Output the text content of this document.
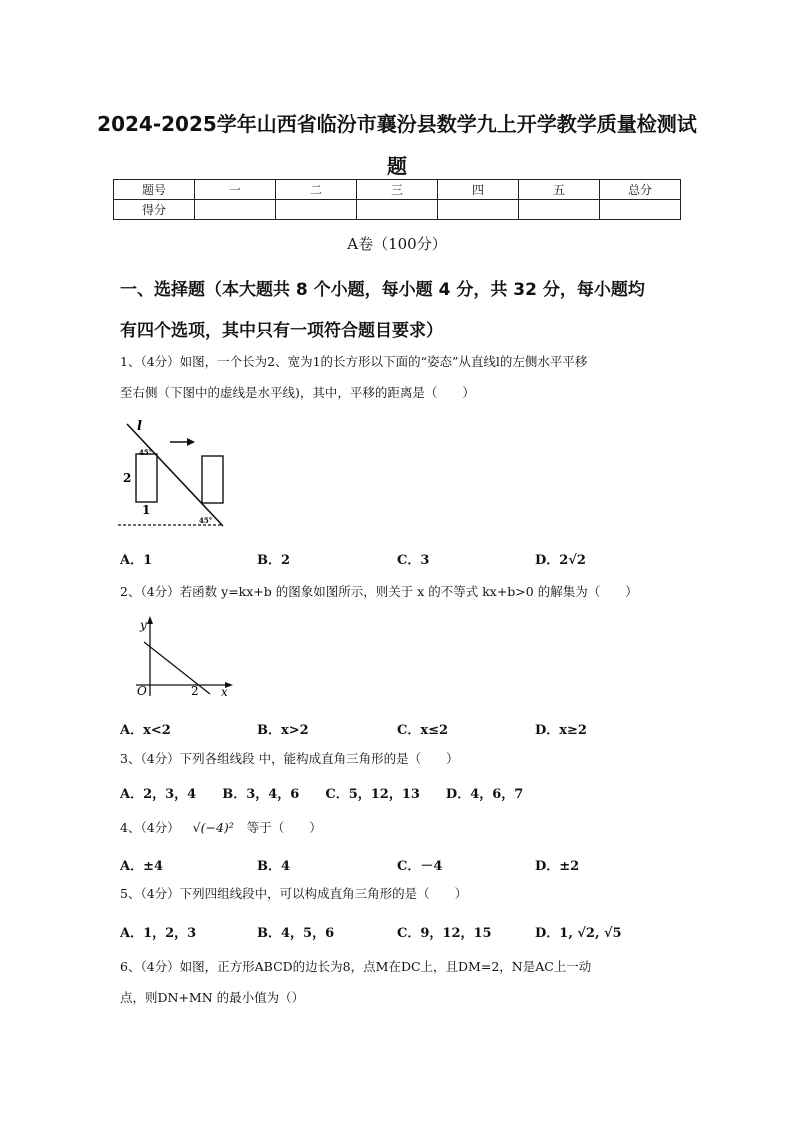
2024-2025学年山西省临汾市襄汾县数学九上开学教学质量检测试
题
题号	一	二	三	四	五	总分
得分						
A卷（100分）
一、选择题（本大题共 8 个小题，每小题 4 分，共 32 分，每小题均
有四个选项，其中只有一项符合题目要求）
1、（4分）如图，一个长为2、宽为1的长方形以下面的“姿态”从直线l的左侧水平平移
至右侧（下图中的虚线是水平线)，其中，平移的距离是（　　）
l
45°
2
1
45°
A．1	B．2	C．3	D．2√2
2、（4分）若函数 y=kx+b 的图象如图所示，则关于 x 的不等式 kx+b>0 的解集为（　　）
y
x
O	2
A．x<2	B．x>2	C．x≤2	D．x≥2
3、（4分）下列各组线段 中，能构成直角三角形的是（　　）
A．2，3，4　　B．3，4，6　　C．5，12，13　　D．4，6，7
4、（4分） √(−4)² 等于（　　）
A．±4	B．4	C．－4	D．±2
5、（4分）下列四组线段中，可以构成直角三角形的是（　　）
A．1，2，3	B．4，5，6	C．9，12，15	D．1, √2, √5
6、（4分）如图，正方形ABCD的边长为8，点M在DC上，且DM=2，N是AC上一动
点，则DN+MN 的最小值为（）
